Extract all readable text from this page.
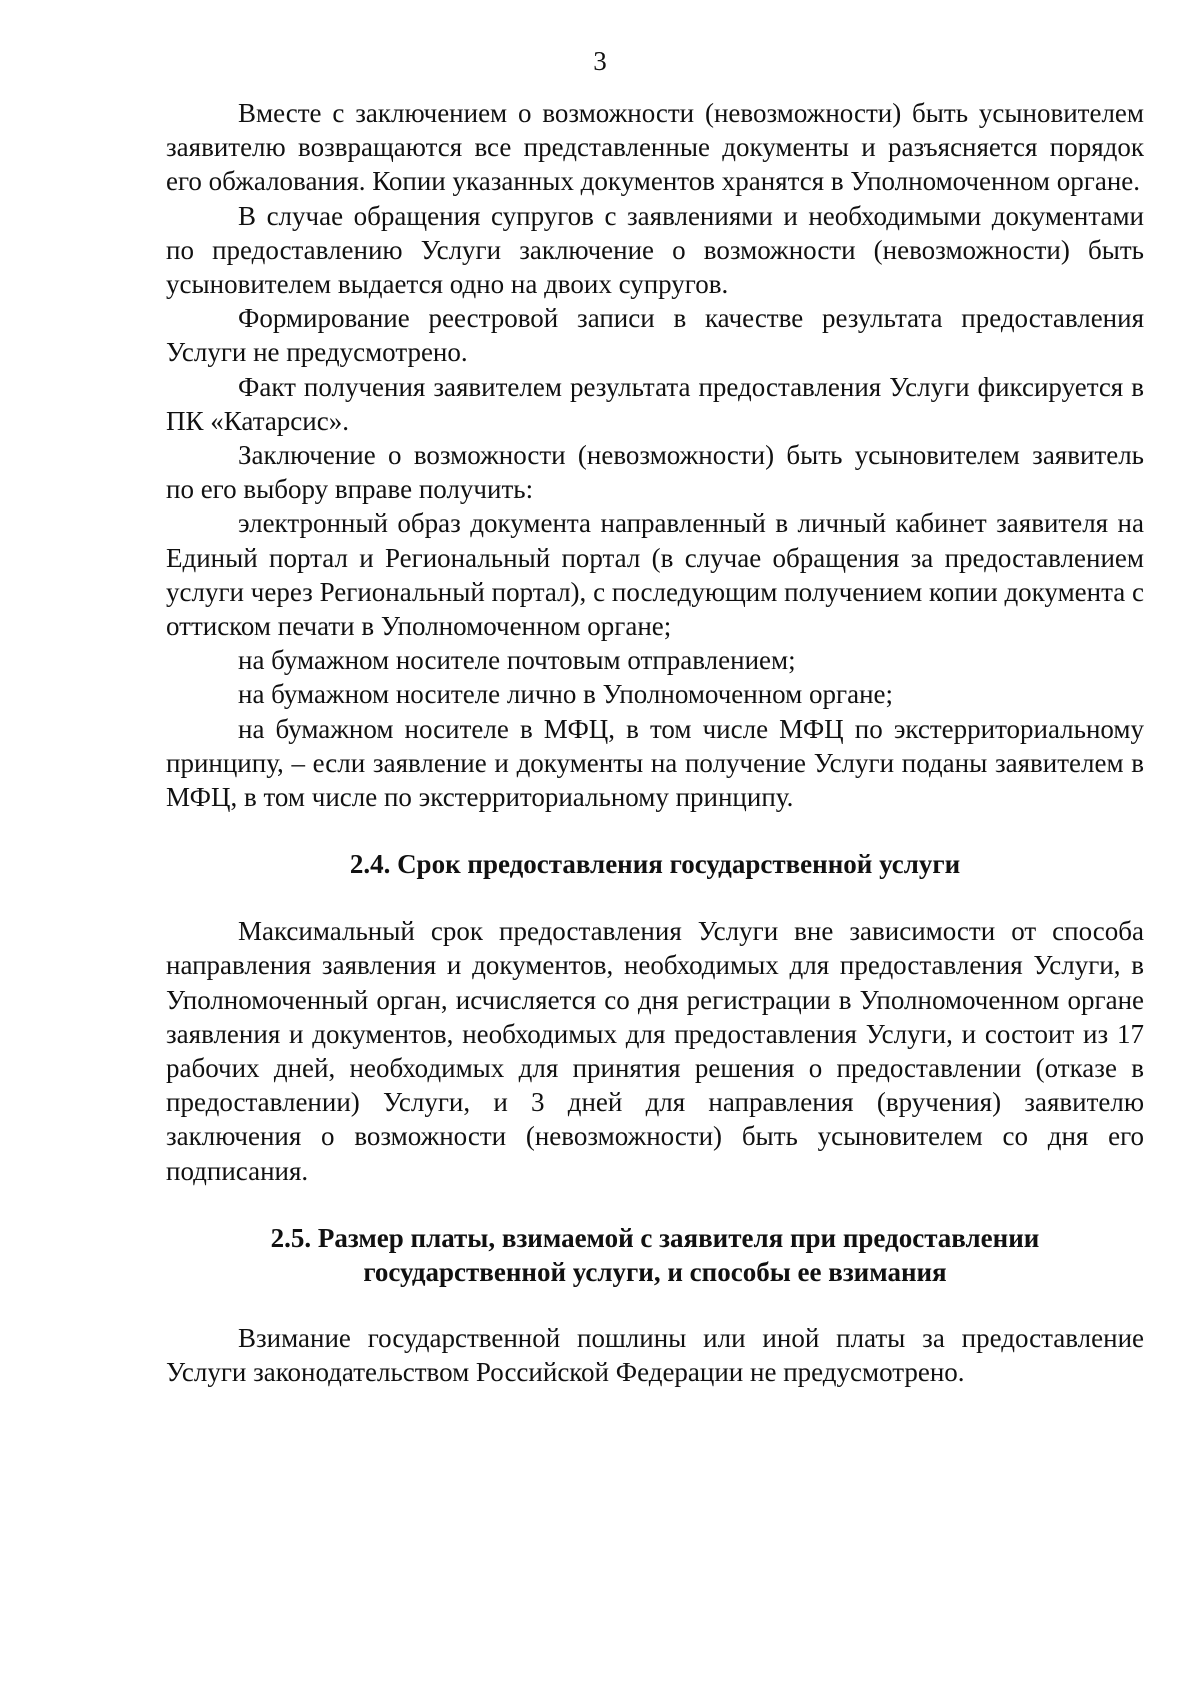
3

Вместе с заключением о возможности (невозможности) быть усыновителем заявителю возвращаются все представленные документы и разъясняется порядок его обжалования. Копии указанных документов хранятся в Уполномоченном органе.

В случае обращения супругов с заявлениями и необходимыми документами по предоставлению Услуги заключение о возможности (невозможности) быть усыновителем выдается одно на двоих супругов.

Формирование реестровой записи в качестве результата предоставления Услуги не предусмотрено.

Факт получения заявителем результата предоставления Услуги фиксируется в ПК «Катарсис».

Заключение о возможности (невозможности) быть усыновителем заявитель по его выбору вправе получить:

электронный образ документа направленный в личный кабинет заявителя на Единый портал и Региональный портал (в случае обращения за предоставлением услуги через Региональный портал), с последующим получением копии документа с оттиском печати в Уполномоченном органе;

на бумажном носителе почтовым отправлением;

на бумажном носителе лично в Уполномоченном органе;

на бумажном носителе в МФЦ, в том числе МФЦ по экстерриториальному принципу, – если заявление и документы на получение Услуги поданы заявителем в МФЦ, в том числе по экстерриториальному принципу.

2.4. Срок предоставления государственной услуги

Максимальный срок предоставления Услуги вне зависимости от способа направления заявления и документов, необходимых для предоставления Услуги, в Уполномоченный орган, исчисляется со дня регистрации в Уполномоченном органе заявления и документов, необходимых для предоставления Услуги, и состоит из 17 рабочих дней, необходимых для принятия решения о предоставлении (отказе в предоставлении) Услуги, и 3 дней для направления (вручения) заявителю заключения о возможности (невозможности) быть усыновителем со дня его подписания.

2.5. Размер платы, взимаемой с заявителя при предоставлении
государственной услуги, и способы ее взимания

Взимание государственной пошлины или иной платы за предоставление Услуги законодательством Российской Федерации не предусмотрено.
